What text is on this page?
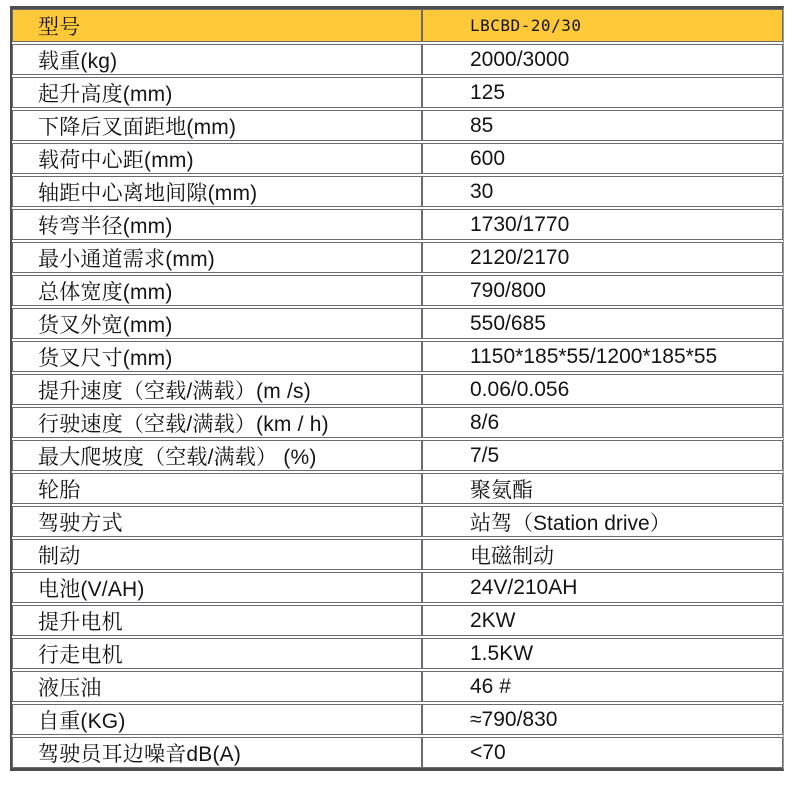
型号	LBCBD-20/30
载重(kg)	2000/3000
起升高度(mm)	125
下降后叉面距地(mm)	85
载荷中心距(mm)	600
轴距中心离地间隙(mm)	30
转弯半径(mm)	1730/1770
最小通道需求(mm)	2120/2170
总体宽度(mm)	790/800
货叉外宽(mm)	550/685
货叉尺寸(mm)	1150*185*55/1200*185*55
提升速度（空载/满载）(m /s)	0.06/0.056
行驶速度（空载/满载）(km / h)	8/6
最大爬坡度（空载/满载） (%)	7/5
轮胎	聚氨酯
驾驶方式	站驾（Station drive）
制动	电磁制动
电池(V/AH)	24V/210AH
提升电机	2KW
行走电机	1.5KW
液压油	46 #
自重(KG)	≈790/830
驾驶员耳边噪音dB(A)	<70
